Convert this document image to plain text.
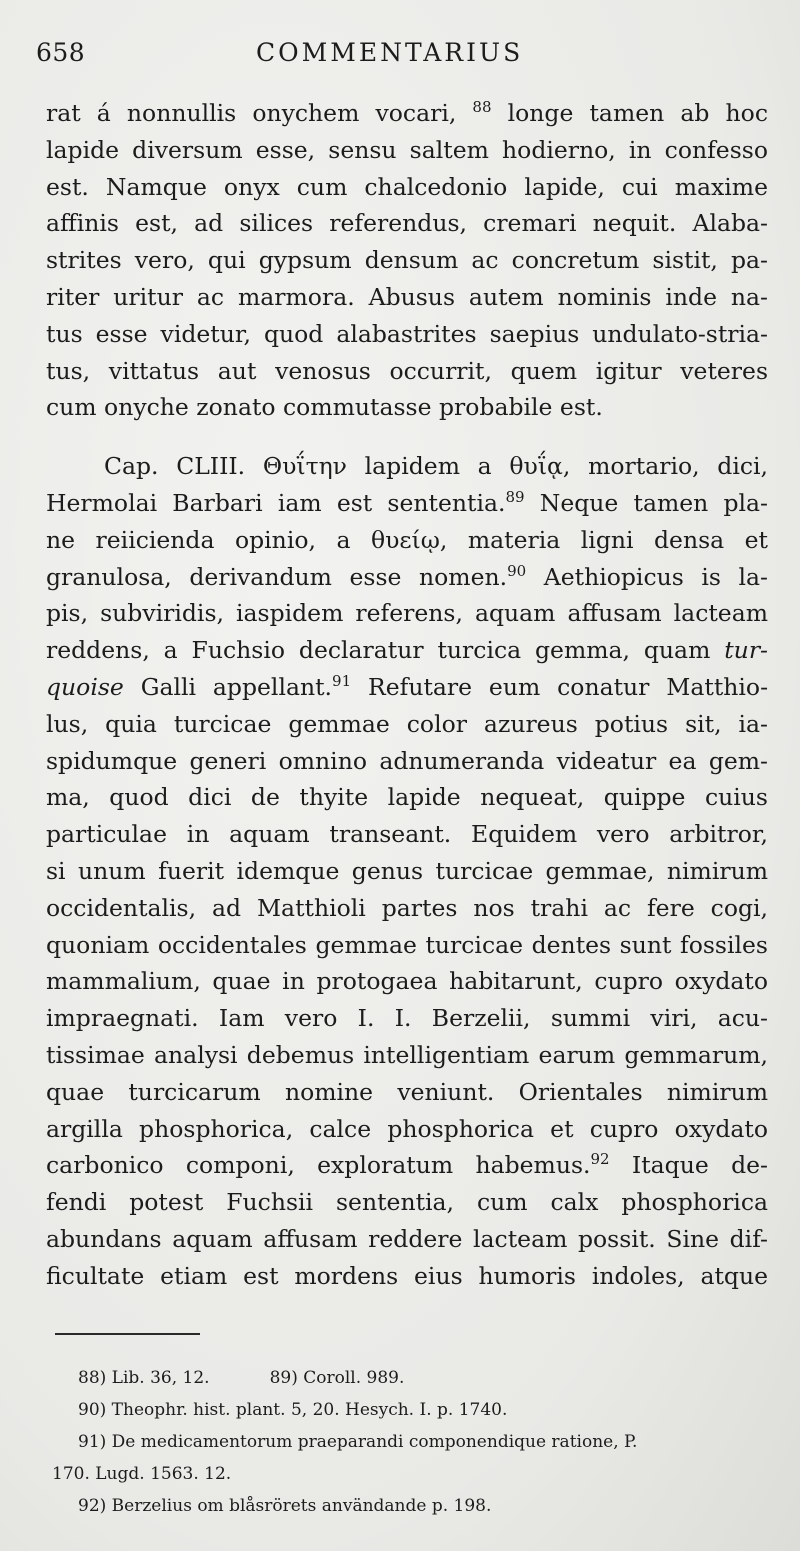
658	COMMENTARIUS
rat á nonnullis onychem vocari, $^{88}$ longe tamen ab hoc
lapide diversum esse, sensu saltem hodierno, in confesso
est. Namque onyx cum chalcedonio lapide, cui maxime
affinis est, ad silices referendus, cremari nequit. Alaba-
strites vero, qui gypsum densum ac concretum sistit, pa-
riter uritur ac marmora. Abusus autem nominis inde na-
tus esse videtur, quod alabastrites saepius undulato-stria-
tus, vittatus aut venosus occurrit, quem igitur veteres
cum onyche zonato commutasse probabile est.
Cap. CLIII. Θυΐτην lapidem a θυΐᾳ, mortario, dici,
Hermolai Barbari iam est sententia.$^{89}$ Neque tamen pla-
ne reiicienda opinio, a θυείῳ, materia ligni densa et
granulosa, derivandum esse nomen.$^{90}$ Aethiopicus is la-
pis, subviridis, iaspidem referens, aquam affusam lacteam
reddens, a Fuchsio declaratur turcica gemma, quam tur-
quoise Galli appellant.$^{91}$ Refutare eum conatur Matthio-
lus, quia turcicae gemmae color azureus potius sit, ia-
spidumque generi omnino adnumeranda videatur ea gem-
ma, quod dici de thyite lapide nequeat, quippe cuius
particulae in aquam transeant. Equidem vero arbitror,
si unum fuerit idemque genus turcicae gemmae, nimirum
occidentalis, ad Matthioli partes nos trahi ac fere cogi,
quoniam occidentales gemmae turcicae dentes sunt fossiles
mammalium, quae in protogaea habitarunt, cupro oxydato
impraegnati. Iam vero I. I. Berzelii, summi viri, acu-
tissimae analysi debemus intelligentiam earum gemmarum,
quae turcicarum nomine veniunt. Orientales nimirum
argilla phosphorica, calce phosphorica et cupro oxydato
carbonico componi, exploratum habemus.$^{92}$ Itaque de-
fendi potest Fuchsii sententia, cum calx phosphorica
abundans aquam affusam reddere lacteam possit. Sine dif-
ficultate etiam est mordens eius humoris indoles, atque
88) Lib. 36, 12.	89) Coroll. 989.
90) Theophr. hist. plant. 5, 20. Hesych. I. p. 1740.
91) De medicamentorum praeparandi componendique ratione, P.
170. Lugd. 1563. 12.
92) Berzelius om blåsrörets användande p. 198.
